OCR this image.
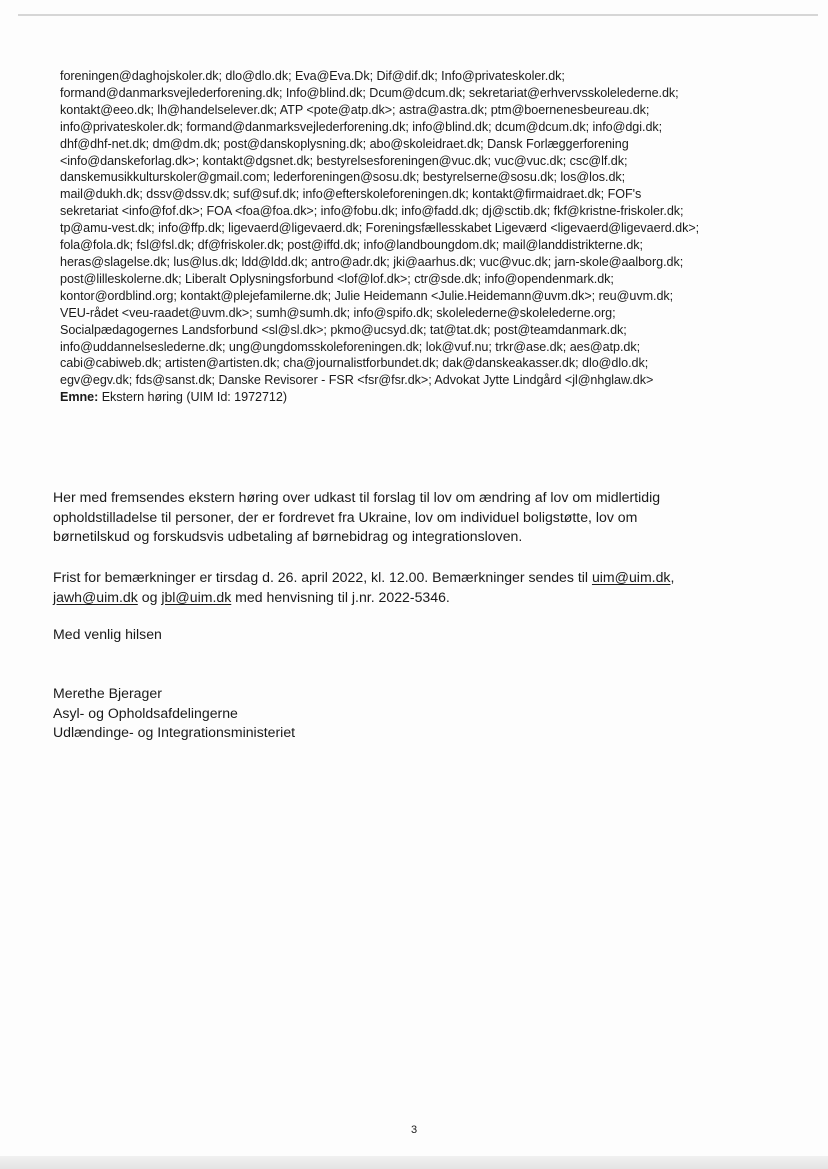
foreningen@daghojskoler.dk; dlo@dlo.dk; Eva@Eva.Dk; Dif@dif.dk; Info@privateskoler.dk;
formand@danmarksvejlederforening.dk; Info@blind.dk; Dcum@dcum.dk; sekretariat@erhvervsskolelederne.dk;
kontakt@eeo.dk; lh@handelselever.dk; ATP <pote@atp.dk>; astra@astra.dk; ptm@boernenesbeureau.dk;
info@privateskoler.dk; formand@danmarksvejlederforening.dk; info@blind.dk; dcum@dcum.dk; info@dgi.dk;
dhf@dhf-net.dk; dm@dm.dk; post@danskoplysning.dk; abo@skoleidraet.dk; Dansk Forlæggerforening
<info@danskeforlag.dk>; kontakt@dgsnet.dk; bestyrelsesforeningen@vuc.dk; vuc@vuc.dk; csc@lf.dk;
danskemusikkulturskoler@gmail.com; lederforeningen@sosu.dk; bestyrelserne@sosu.dk; los@los.dk;
mail@dukh.dk; dssv@dssv.dk; suf@suf.dk; info@efterskoleforeningen.dk; kontakt@firmaidraet.dk; FOF's
sekretariat <info@fof.dk>; FOA <foa@foa.dk>; info@fobu.dk; info@fadd.dk; dj@sctib.dk; fkf@kristne-friskoler.dk;
tp@amu-vest.dk; info@ffp.dk; ligevaerd@ligevaerd.dk; Foreningsfællesskabet Ligeværd <ligevaerd@ligevaerd.dk>;
fola@fola.dk; fsl@fsl.dk; df@friskoler.dk; post@iffd.dk; info@landboungdom.dk; mail@landdistrikterne.dk;
heras@slagelse.dk; lus@lus.dk; ldd@ldd.dk; antro@adr.dk; jki@aarhus.dk; vuc@vuc.dk; jarn-skole@aalborg.dk;
post@lilleskolerne.dk; Liberalt Oplysningsforbund <lof@lof.dk>; ctr@sde.dk; info@opendenmark.dk;
kontor@ordblind.org; kontakt@plejefamilerne.dk; Julie Heidemann <Julie.Heidemann@uvm.dk>; reu@uvm.dk;
VEU-rådet <veu-raadet@uvm.dk>; sumh@sumh.dk; info@spifo.dk; skolelederne@skolelederne.org;
Socialpædagogernes Landsforbund <sl@sl.dk>; pkmo@ucsyd.dk; tat@tat.dk; post@teamdanmark.dk;
info@uddannelseslederne.dk; ung@ungdomsskoleforeningen.dk; lok@vuf.nu; trkr@ase.dk; aes@atp.dk;
cabi@cabiweb.dk; artisten@artisten.dk; cha@journalistforbundet.dk; dak@danskeakasser.dk; dlo@dlo.dk;
egv@egv.dk; fds@sanst.dk; Danske Revisorer - FSR <fsr@fsr.dk>; Advokat Jytte Lindgård <jl@nhglaw.dk>
Emne: Ekstern høring (UIM Id: 1972712)
Her med fremsendes ekstern høring over udkast til forslag til lov om ændring af lov om midlertidig
opholdstilladelse til personer, der er fordrevet fra Ukraine, lov om individuel boligstøtte, lov om
børnetilskud og forskudsvis udbetaling af børnebidrag og integrationsloven.
Frist for bemærkninger er tirsdag d. 26. april 2022, kl. 12.00. Bemærkninger sendes til uim@uim.dk,
jawh@uim.dk og jbl@uim.dk med henvisning til j.nr. 2022-5346.
Med venlig hilsen
Merethe Bjerager
Asyl- og Opholdsafdelingerne
Udlændinge- og Integrationsministeriet
3
